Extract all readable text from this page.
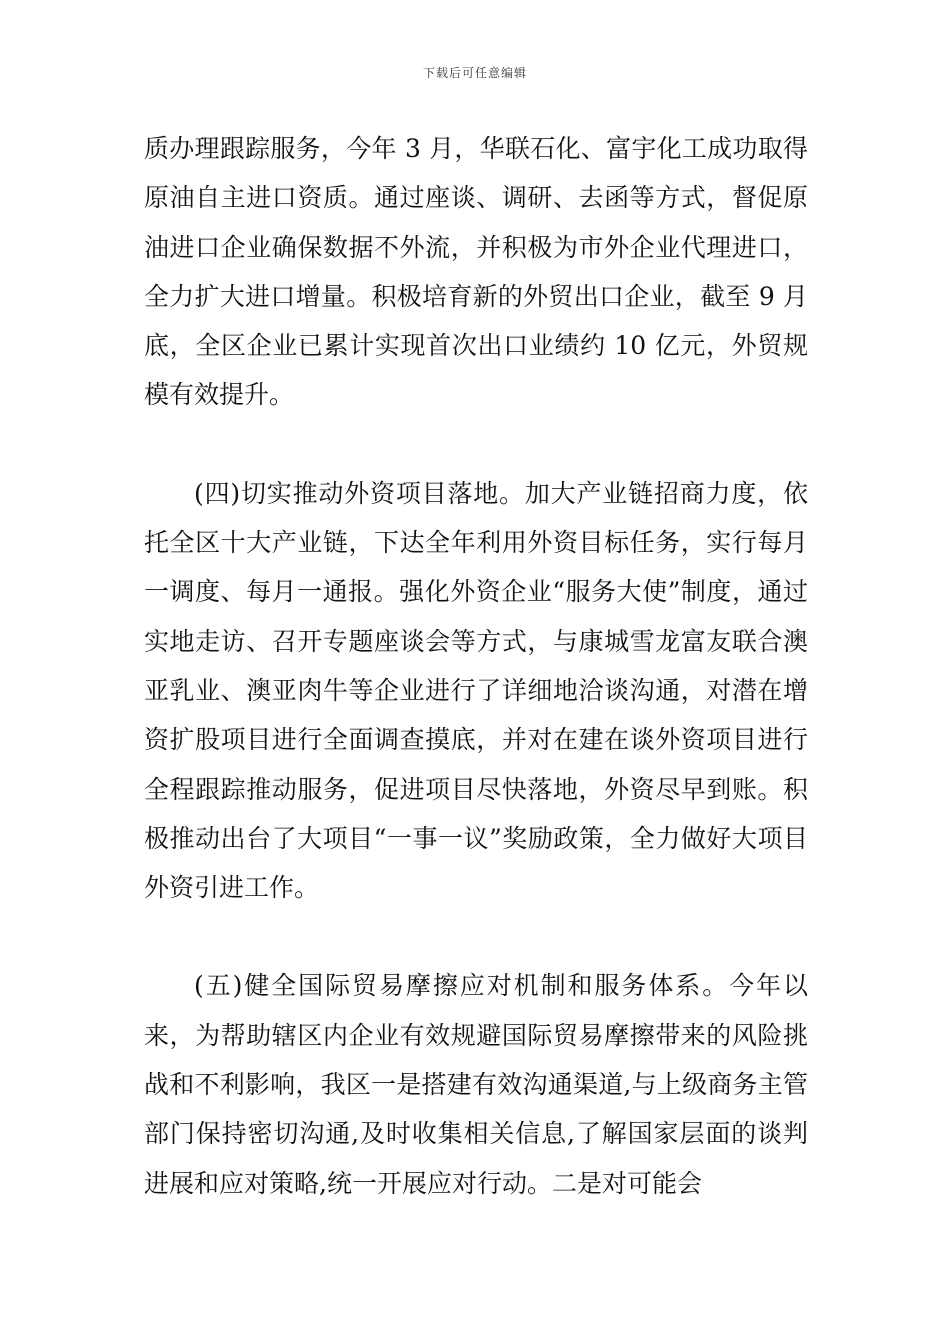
下载后可任意编辑

质办理跟踪服务，今年 3 月，华联石化、富宇化工成功取得原油自主进口资质。通过座谈、调研、去函等方式，督促原油进口企业确保数据不外流，并积极为市外企业代理进口，全力扩大进口增量。积极培育新的外贸出口企业，截至 9 月底，全区企业已累计实现首次出口业绩约 10 亿元，外贸规模有效提升。

(四)切实推动外资项目落地。加大产业链招商力度，依托全区十大产业链，下达全年利用外资目标任务，实行每月一调度、每月一通报。强化外资企业“服务大使”制度，通过实地走访、召开专题座谈会等方式，与康城雪龙富友联合澳亚乳业、澳亚肉牛等企业进行了详细地洽谈沟通，对潜在增资扩股项目进行全面调查摸底，并对在建在谈外资项目进行全程跟踪推动服务，促进项目尽快落地，外资尽早到账。积极推动出台了大项目“一事一议”奖励政策，全力做好大项目外资引进工作。

(五)健全国际贸易摩擦应对机制和服务体系。今年以来，为帮助辖区内企业有效规避国际贸易摩擦带来的风险挑战和不利影响，我区一是搭建有效沟通渠道,与上级商务主管部门保持密切沟通,及时收集相关信息,了解国家层面的谈判进展和应对策略,统一开展应对行动。二是对可能会
